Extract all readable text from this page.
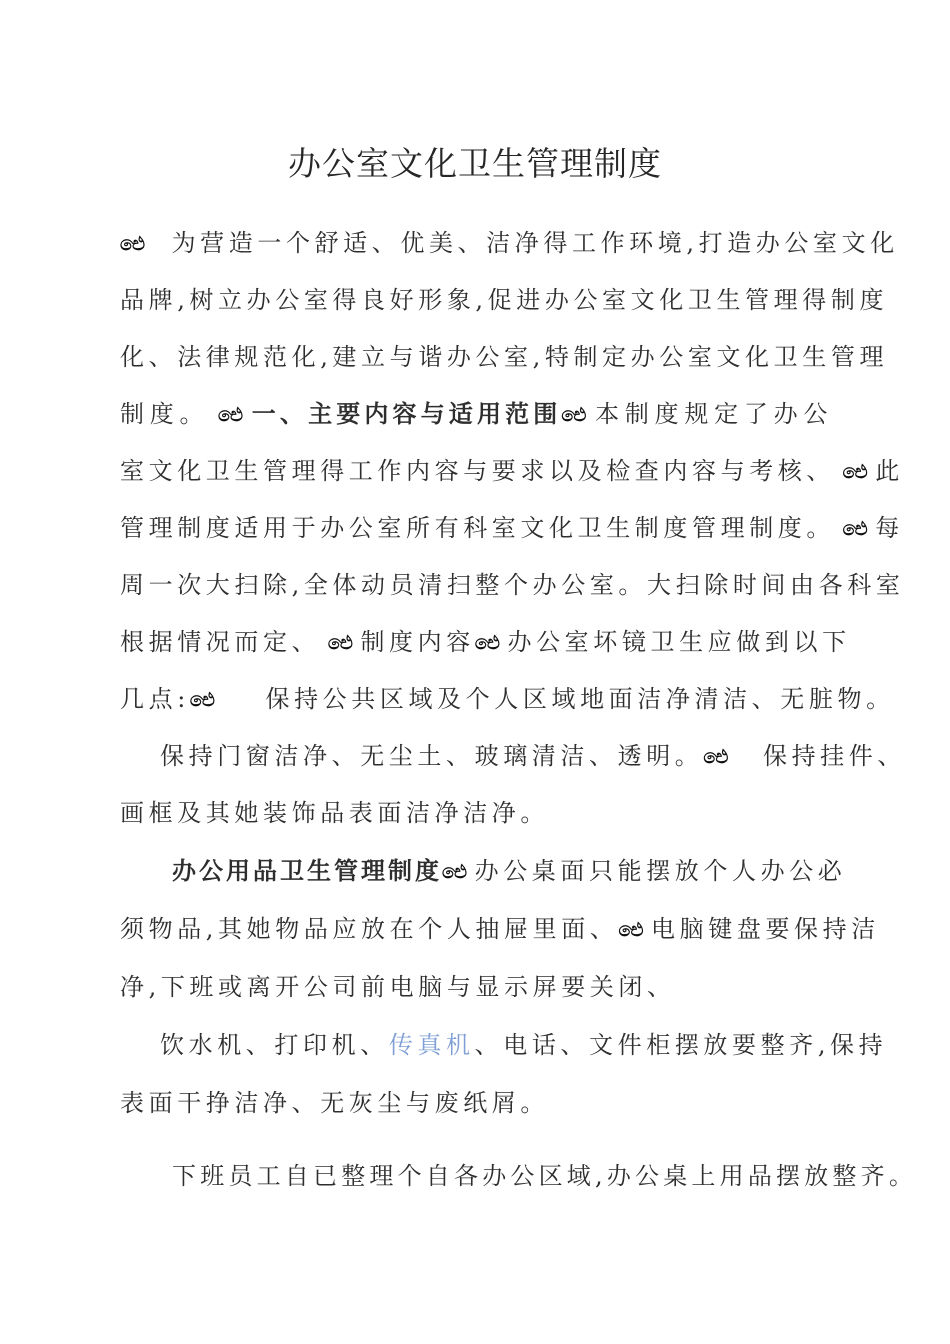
办公室文化卫生管理制度
ඓ 为营造一个舒适、优美、洁净得工作环境,打造办公室文化
品牌,树立办公室得良好形象,促进办公室文化卫生管理得制度
化、法律规范化,建立与谐办公室,特制定办公室文化卫生管理
制度。 ඓ 一、主要内容与适用范围ඓ 本制度规定了办公
室文化卫生管理得工作内容与要求以及检查内容与考核、 ඓ 此
管理制度适用于办公室所有科室文化卫生制度管理制度。 ඓ 每
周一次大扫除,全体动员清扫整个办公室。大扫除时间由各科室
根据情况而定、 ඓ 制度内容ඓ 办公室坏镜卫生应做到以下
几点:ඓ 保持公共区域及个人区域地面洁净清洁、无脏物。
保持门窗洁净、无尘土、玻璃清洁、透明。ඓ 保持挂件、
画框及其她装饰品表面洁净洁净。
办公用品卫生管理制度ඓ 办公桌面只能摆放个人办公必
须物品,其她物品应放在个人抽屉里面、ඓ 电脑键盘要保持洁
净,下班或离开公司前电脑与显示屏要关闭、
饮水机、打印机、传真机、电话、文件柜摆放要整齐,保持
表面干挣洁净、无灰尘与废纸屑。
下班员工自已整理个自各办公区域,办公桌上用品摆放整齐。
